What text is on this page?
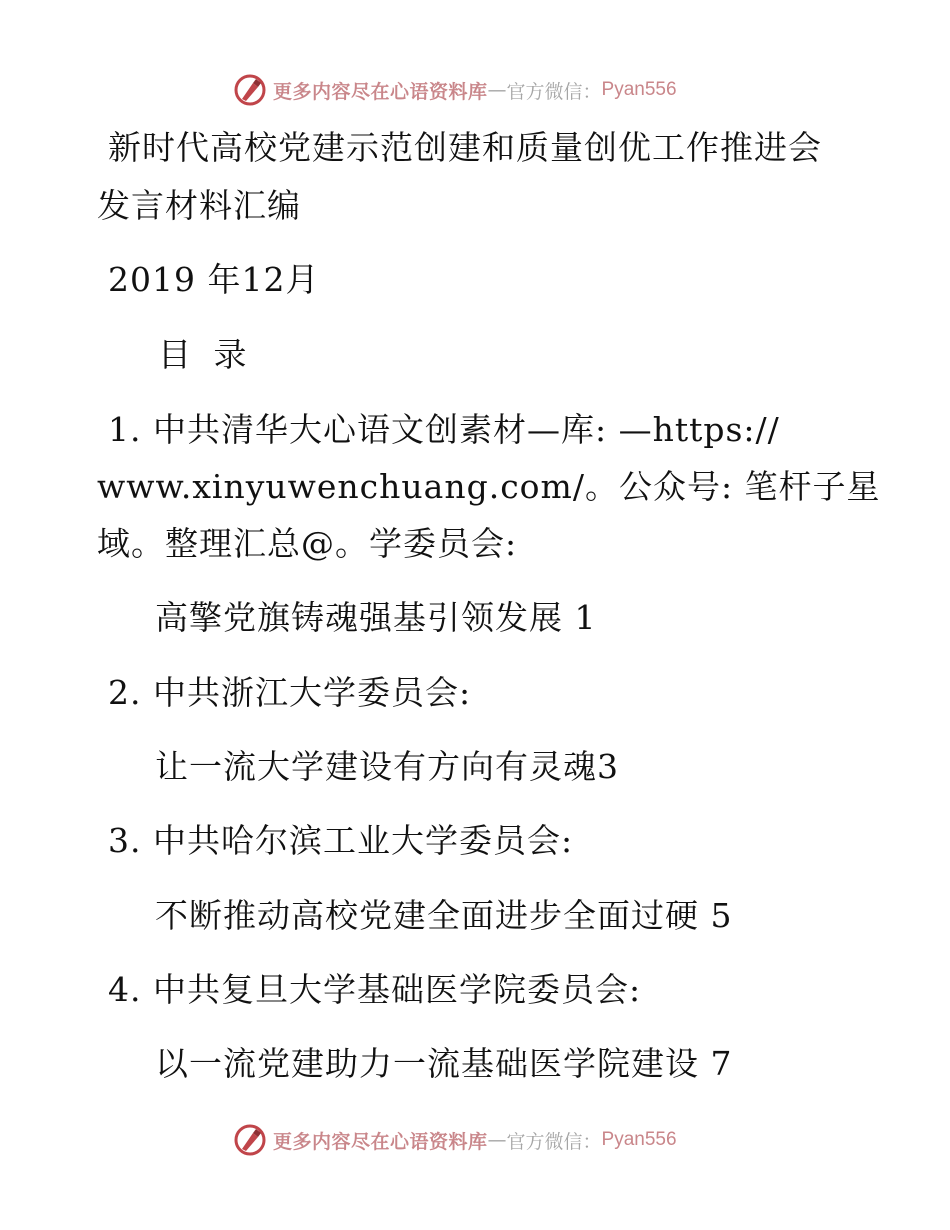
更多内容尽在心语资料库 — 官方微信： Pyan556
新时代高校党建示范创建和质量创优工作推进会
发言材料汇编
2019 年12月
目 录
1. 中共清华大心语文创素材—库: —https://
www.xinyuwenchuang.com/。公众号: 笔杆子星
域。整理汇总@。学委员会:
高擎党旗铸魂强基引领发展 1
2. 中共浙江大学委员会:
让一流大学建设有方向有灵魂3
3. 中共哈尔滨工业大学委员会:
不断推动高校党建全面进步全面过硬 5
4. 中共复旦大学基础医学院委员会:
以一流党建助力一流基础医学院建设 7
更多内容尽在心语资料库 — 官方微信： Pyan556
